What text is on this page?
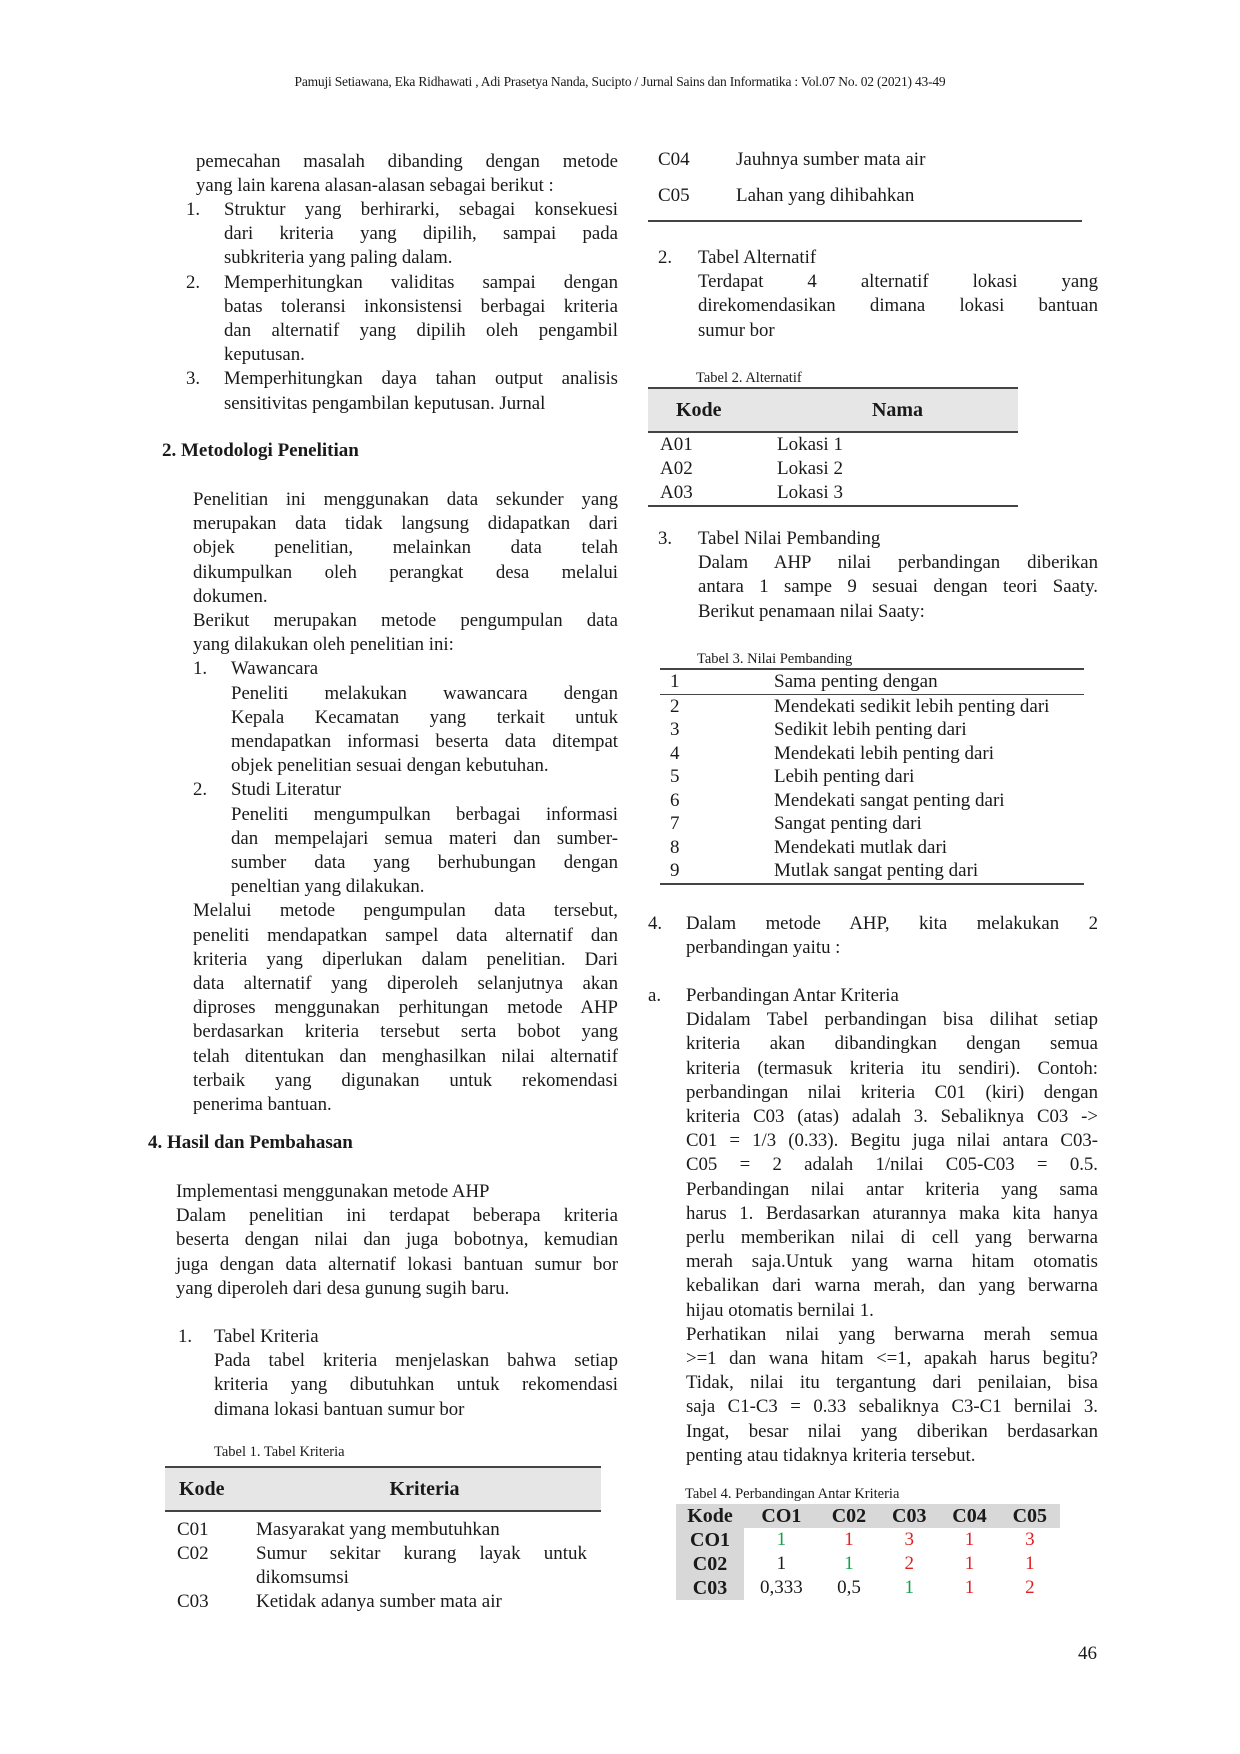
Pamuji Setiawana, Eka Ridhawati , Adi Prasetya Nanda, Sucipto / Jurnal Sains dan Informatika : Vol.07 No. 02 (2021) 43-49
pemecahan masalah dibanding dengan metode
yang lain karena alasan-alasan sebagai berikut :
1. Struktur yang berhirarki, sebagai konsekuesi
dari kriteria yang dipilih, sampai pada
subkriteria yang paling dalam.
2. Memperhitungkan validitas sampai dengan
batas toleransi inkonsistensi berbagai kriteria
dan alternatif yang dipilih oleh pengambil
keputusan.
3. Memperhitungkan daya tahan output analisis
sensitivitas pengambilan keputusan. Jurnal
2. Metodologi Penelitian
Penelitian ini menggunakan data sekunder yang
merupakan data tidak langsung didapatkan dari
objek penelitian, melainkan data telah
dikumpulkan oleh perangkat desa melalui
dokumen.
Berikut merupakan metode pengumpulan data
yang dilakukan oleh penelitian ini:
1. Wawancara
Peneliti melakukan wawancara dengan
Kepala Kecamatan yang terkait untuk
mendapatkan informasi beserta data ditempat
objek penelitian sesuai dengan kebutuhan.
2. Studi Literatur
Peneliti mengumpulkan berbagai informasi
dan mempelajari semua materi dan sumber-
sumber data yang berhubungan dengan
peneltian yang dilakukan.
Melalui metode pengumpulan data tersebut,
peneliti mendapatkan sampel data alternatif dan
kriteria yang diperlukan dalam penelitian. Dari
data alternatif yang diperoleh selanjutnya akan
diproses menggunakan perhitungan metode AHP
berdasarkan kriteria tersebut serta bobot yang
telah ditentukan dan menghasilkan nilai alternatif
terbaik yang digunakan untuk rekomendasi
penerima bantuan.
4. Hasil dan Pembahasan
Implementasi menggunakan metode AHP
Dalam penelitian ini terdapat beberapa kriteria
beserta dengan nilai dan juga bobotnya, kemudian
juga dengan data alternatif lokasi bantuan sumur bor
yang diperoleh dari desa gunung sugih baru.
1. Tabel Kriteria
Pada tabel kriteria menjelaskan bahwa setiap
kriteria yang dibutuhkan untuk rekomendasi
dimana lokasi bantuan sumur bor
Tabel 1. Tabel Kriteria
Kode	Kriteria

C01	Masyarakat yang membutuhkan
C02	Sumur sekitar kurang layak untuk
dikomsumsi

C03	Ketidak adanya sumber mata air
C04	Jauhnya sumber mata air
C05	Lahan yang dihibahkan
2. Tabel Alternatif
Terdapat 4 alternatif lokasi yang
direkomendasikan dimana lokasi bantuan
sumur bor
Tabel 2. Alternatif
Kode	Nama
A01	Lokasi 1
A02	Lokasi 2
A03	Lokasi 3
3. Tabel Nilai Pembanding
Dalam AHP nilai perbandingan diberikan
antara 1 sampe 9 sesuai dengan teori Saaty.
Berikut penamaan nilai Saaty:
Tabel 3. Nilai Pembanding
1	Sama penting dengan
2	Mendekati sedikit lebih penting dari
3	Sedikit lebih penting dari
4	Mendekati lebih penting dari
5	Lebih penting dari
6	Mendekati sangat penting dari
7	Sangat penting dari
8	Mendekati mutlak dari
9	Mutlak sangat penting dari
4. Dalam metode AHP, kita melakukan 2
perbandingan yaitu :
a. Perbandingan Antar Kriteria
Didalam Tabel perbandingan bisa dilihat setiap
kriteria akan dibandingkan dengan semua
kriteria (termasuk kriteria itu sendiri). Contoh:
perbandingan nilai kriteria C01 (kiri) dengan
kriteria C03 (atas) adalah 3. Sebaliknya C03 ->
C01 = 1/3 (0.33). Begitu juga nilai antara C03-
C05 = 2 adalah 1/nilai C05-C03 = 0.5.
Perbandingan nilai antar kriteria yang sama
harus 1. Berdasarkan aturannya maka kita hanya
perlu memberikan nilai di cell yang berwarna
merah saja.Untuk yang warna hitam otomatis
kebalikan dari warna merah, dan yang berwarna
hijau otomatis bernilai 1.
Perhatikan nilai yang berwarna merah semua
>=1 dan wana hitam <=1, apakah harus begitu?
Tidak, nilai itu tergantung dari penilaian, bisa
saja C1-C3 = 0.33 sebaliknya C3-C1 bernilai 3.
Ingat, besar nilai yang diberikan berdasarkan
penting atau tidaknya kriteria tersebut.
Tabel 4. Perbandingan Antar Kriteria
Kode	CO1	C02	C03	C04	C05
CO1	1	1	3	1	3
C02	1	1	2	1	1
C03	0,333	0,5	1	1	2
46
